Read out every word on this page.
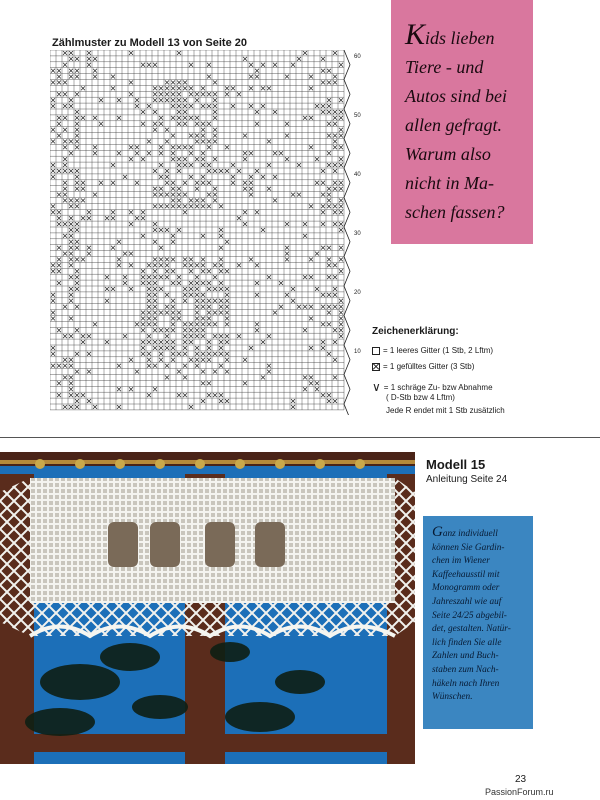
Zählmuster zu Modell 13 von Seite 20
60
50
40
30
20
10
Kids lieben
Tiere - und
Autos sind bei
allen gefragt.
Warum also
nicht in Ma-
schen fassen?
Zeichenerklärung:
= 1 leeres Gitter (1 Stb, 2 Lftm)
= 1 gefülltes Gitter (3 Stb)
∨ = 1 schräge Zu- bzw Abnahme
( D-Stb bzw 4 Lftm)
Jede R endet mit 1 Stb zusätzlich
Modell 15
Anleitung Seite 24
Ganz individuell
können Sie Gardin-
chen im Wiener
Kaffeehausstil mit
Monogramm oder
Jahreszahl wie auf
Seite 24/25 abgebil-
det, gestalten. Natür-
lich finden Sie alle
Zahlen und Buch-
staben zum Nach-
häkeln nach Ihren
Wünschen.
23
PassionForum.ru
